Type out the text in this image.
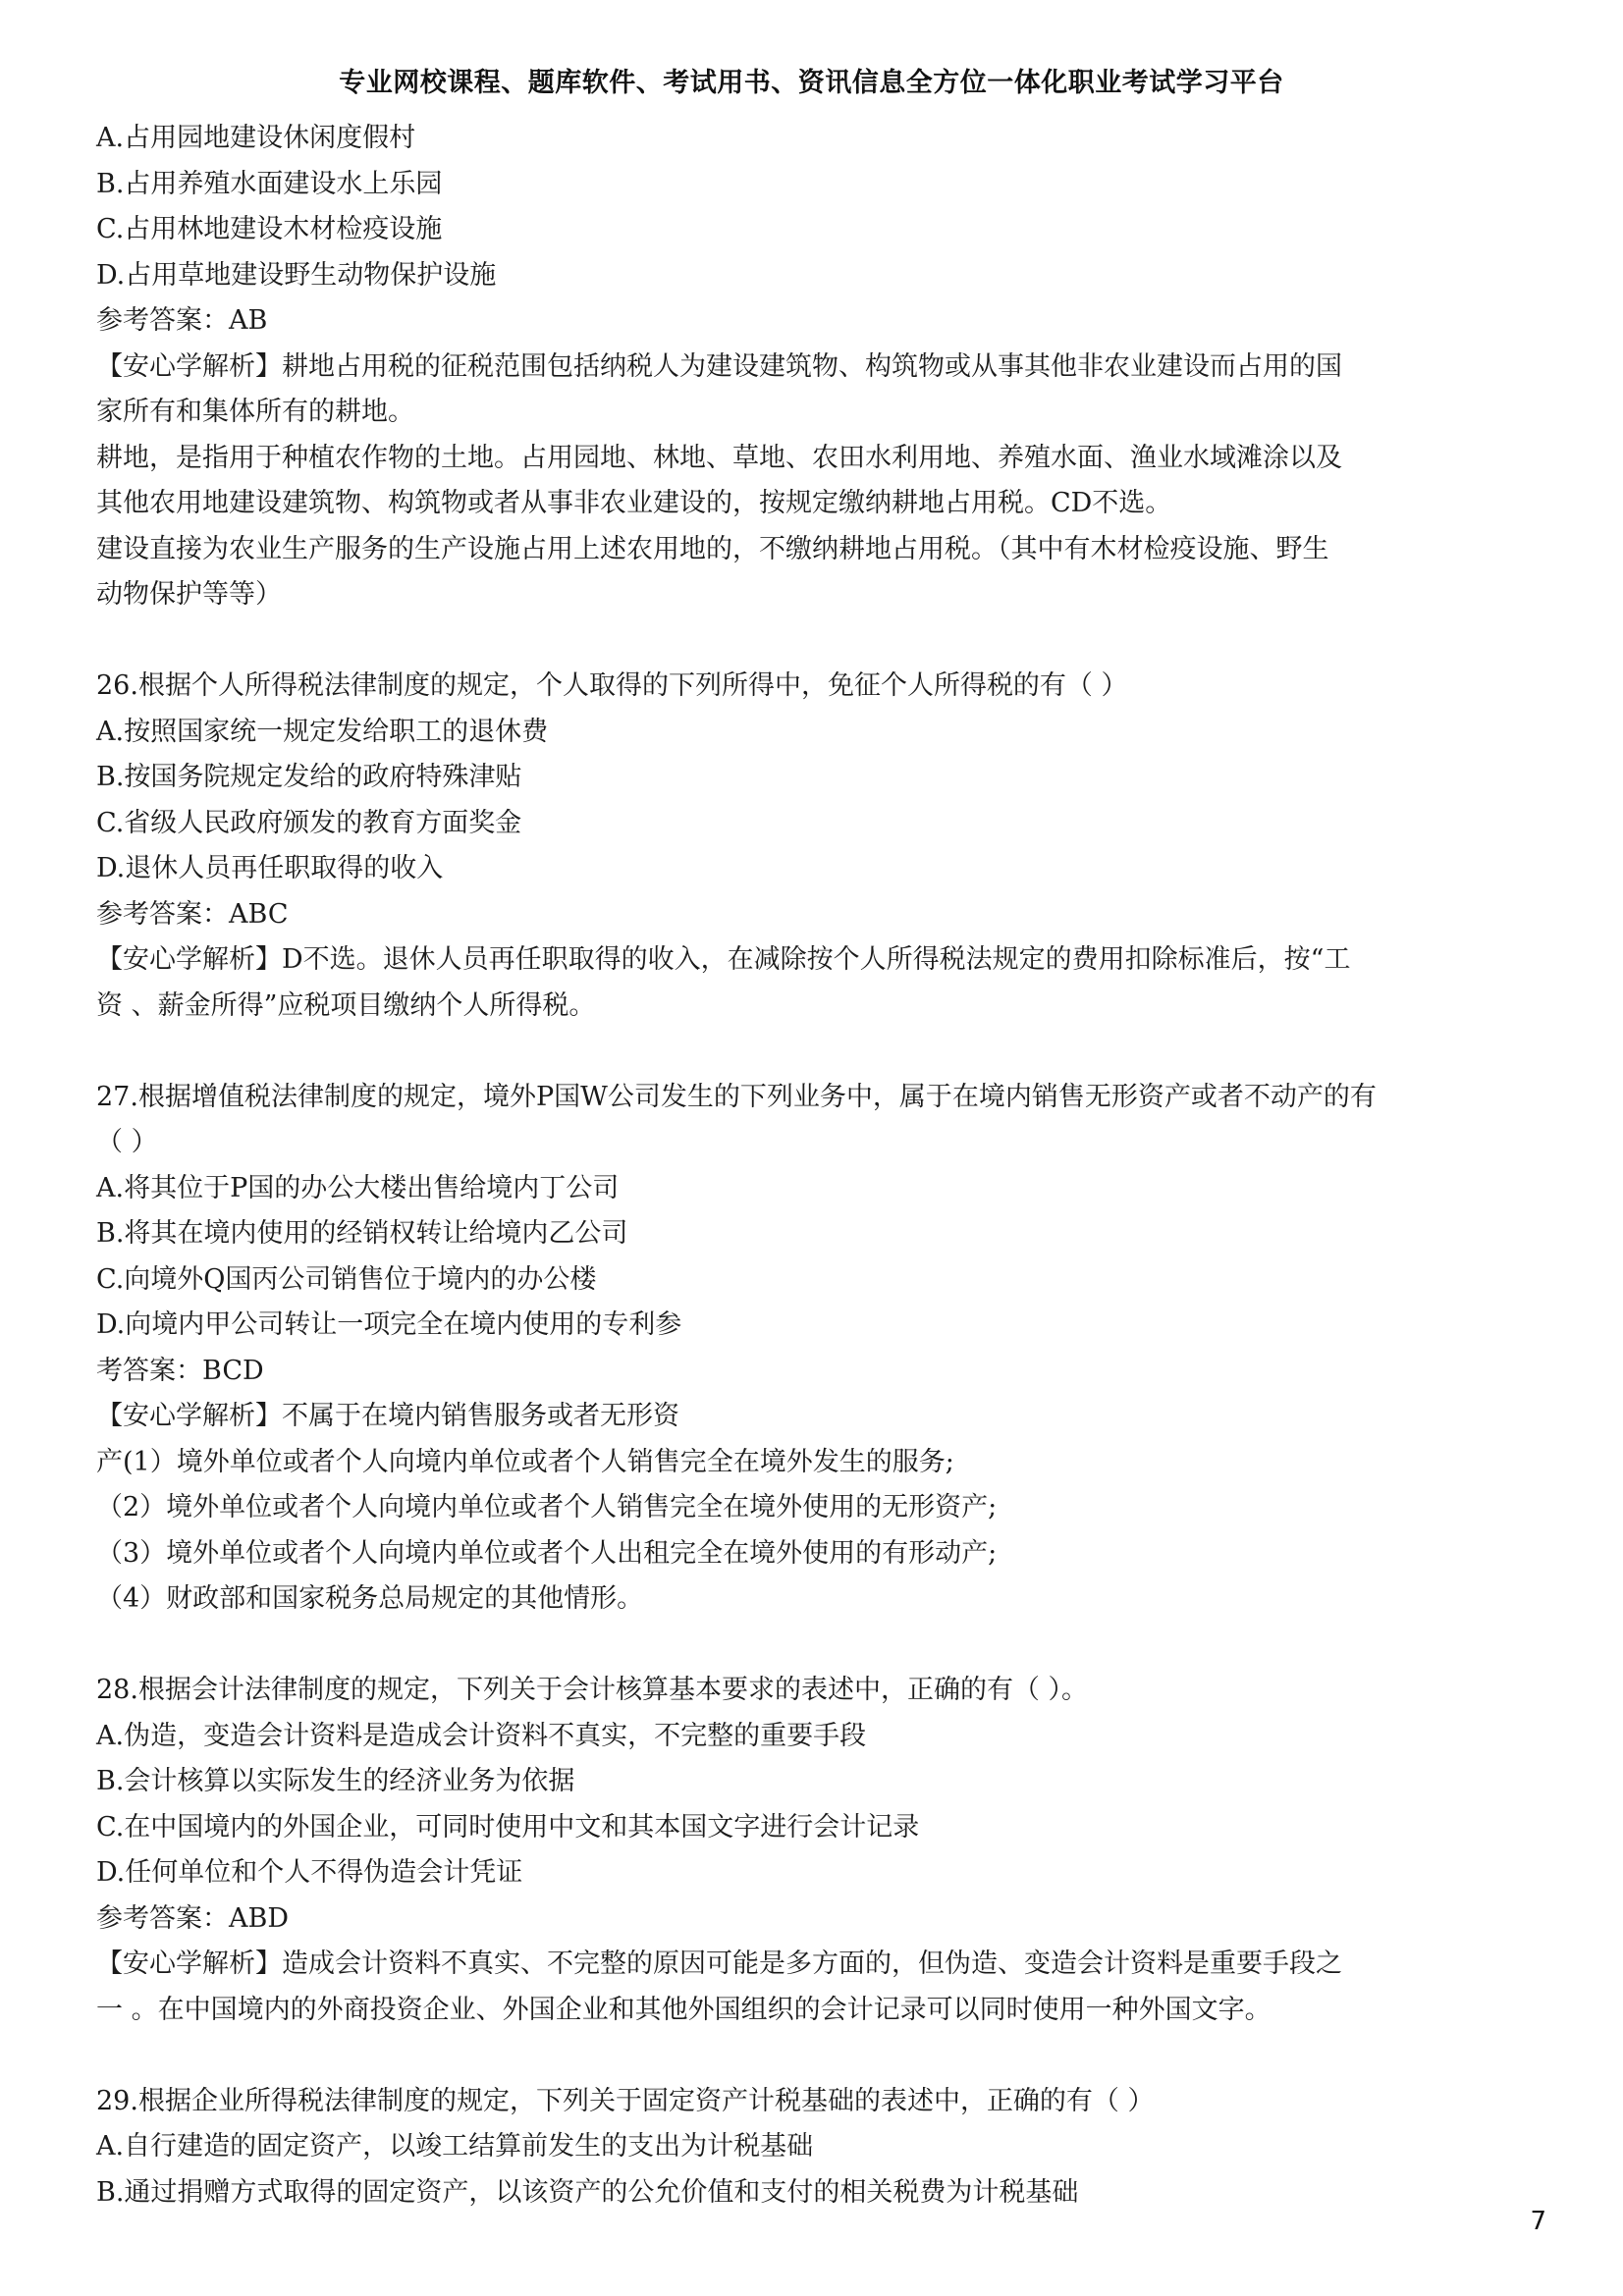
专业网校课程、题库软件、考试用书、资讯信息全方位一体化职业考试学习平台
A.占用园地建设休闲度假村
B.占用养殖水面建设水上乐园
C.占用林地建设木材检疫设施
D.占用草地建设野生动物保护设施
参考答案：AB
【安心学解析】耕地占用税的征税范围包括纳税人为建设建筑物、构筑物或从事其他非农业建设而占用的国
家所有和集体所有的耕地。
耕地，是指用于种植农作物的土地。占用园地、林地、草地、农田水利用地、养殖水面、渔业水域滩涂以及
其他农用地建设建筑物、构筑物或者从事非农业建设的，按规定缴纳耕地占用税。CD不选。
建设直接为农业生产服务的生产设施占用上述农用地的，不缴纳耕地占用税。（其中有木材检疫设施、野生
动物保护等等）
26.根据个人所得税法律制度的规定，个人取得的下列所得中，免征个人所得税的有（ ）
A.按照国家统一规定发给职工的退休费
B.按国务院规定发给的政府特殊津贴
C.省级人民政府颁发的教育方面奖金
D.退休人员再任职取得的收入
参考答案：ABC
【安心学解析】D不选。退休人员再任职取得的收入，在减除按个人所得税法规定的费用扣除标准后，按“工
资 、薪金所得”应税项目缴纳个人所得税。
27.根据增值税法律制度的规定，境外P国W公司发生的下列业务中，属于在境内销售无形资产或者不动产的有
（ ）
A.将其位于P国的办公大楼出售给境内丁公司
B.将其在境内使用的经销权转让给境内乙公司
C.向境外Q国丙公司销售位于境内的办公楼
D.向境内甲公司转让一项完全在境内使用的专利参
考答案：BCD
【安心学解析】不属于在境内销售服务或者无形资
产(1）境外单位或者个人向境内单位或者个人销售完全在境外发生的服务;
（2）境外单位或者个人向境内单位或者个人销售完全在境外使用的无形资产;
（3）境外单位或者个人向境内单位或者个人出租完全在境外使用的有形动产;
（4）财政部和国家税务总局规定的其他情形。
28.根据会计法律制度的规定，下列关于会计核算基本要求的表述中，正确的有（ ）。
A.伪造，变造会计资料是造成会计资料不真实，不完整的重要手段
B.会计核算以实际发生的经济业务为依据
C.在中国境内的外国企业，可同时使用中文和其本国文字进行会计记录
D.任何单位和个人不得伪造会计凭证
参考答案：ABD
【安心学解析】造成会计资料不真实、不完整的原因可能是多方面的，但伪造、变造会计资料是重要手段之
一 。在中国境内的外商投资企业、外国企业和其他外国组织的会计记录可以同时使用一种外国文字。
29.根据企业所得税法律制度的规定，下列关于固定资产计税基础的表述中，正确的有（ ）
A.自行建造的固定资产，以竣工结算前发生的支出为计税基础
B.通过捐赠方式取得的固定资产，以该资产的公允价值和支付的相关税费为计税基础
7
